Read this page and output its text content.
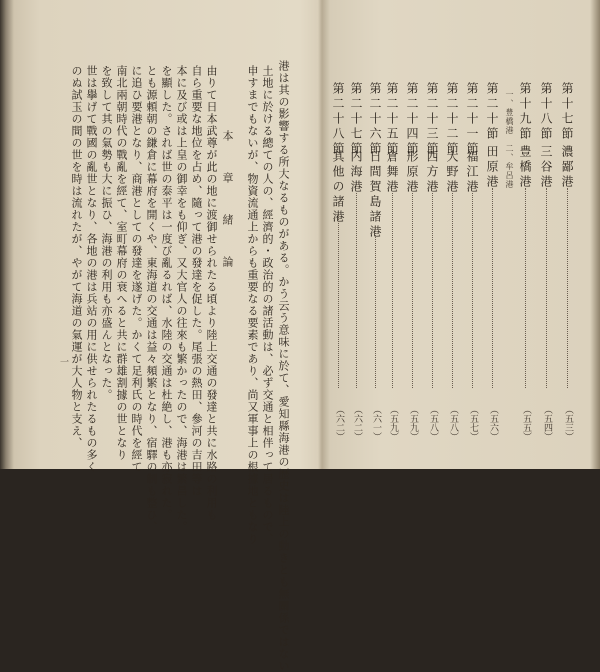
本　章　緒　論	港は其の影響する所大なるものがある。かう云う意味に於て、愛知縣海港の歴史は陸上の動きとも無關係ではない
土地に於ける總ての人の、經濟的・政治的の諸活動は、必ず交通と相伴って居るもので、
申すまでもないが、物資流通上からも重要なる要素であり、尚又軍事上の根據地ともなり
由りて日本武尊が此の地に渡御せられたる頃より陸上交通の發達と共に水路の利用も
自ら重要な地位を占め、隨って港の發達を促した。尾張の熱田、參河の吉田等は
本に及び或は上皇の御幸をも仰ぎ、又大官人の往來も繁かったので、海港は繁昌した。
を顯した。されば世の泰平は一度び亂るれば、水陸の交通は杜絶し、港も亦寂れた。
とも源頼朝の鎌倉に幕府を開くや、東海道の交通は益々頻繁となり、宿驛の制も整ひ、
に追ひ要港となり、商港としての發達を遂げた。かくて足利氏の時代を經て
南北兩朝時代の戰亂を經て、室町幕府の衰へると共に群雄割據の世となり
を致して其の氣勢も大に振ひ、海港の利用も亦盛んとなった。
世は擧げて戰國の亂世となり、各地の港は兵站の用に供せられたるもの多く
のぬ試玉の間の世を時は流れたが、やがて海道の氣運が大人物と支え、
一
第十七節
濃鄙港
（五三）
第十八節
三谷港
（五四）
第十九節
豊橋港
（五五）
一、豊橋港　二、牟呂港
第二十節
田原港
（五六）
第二十一節
福江港
（五七）
第二十二節
大野港
（五八）
第二十三節
西方港
（五八）
第二十四節
形原港
（五九）
第二十五節
倉舞港
（五九）
日間賀島諸港
（六一）
第二十六節
第二十七節
内海港
（六二）
第二十八節
其他の諸港
（六二）
